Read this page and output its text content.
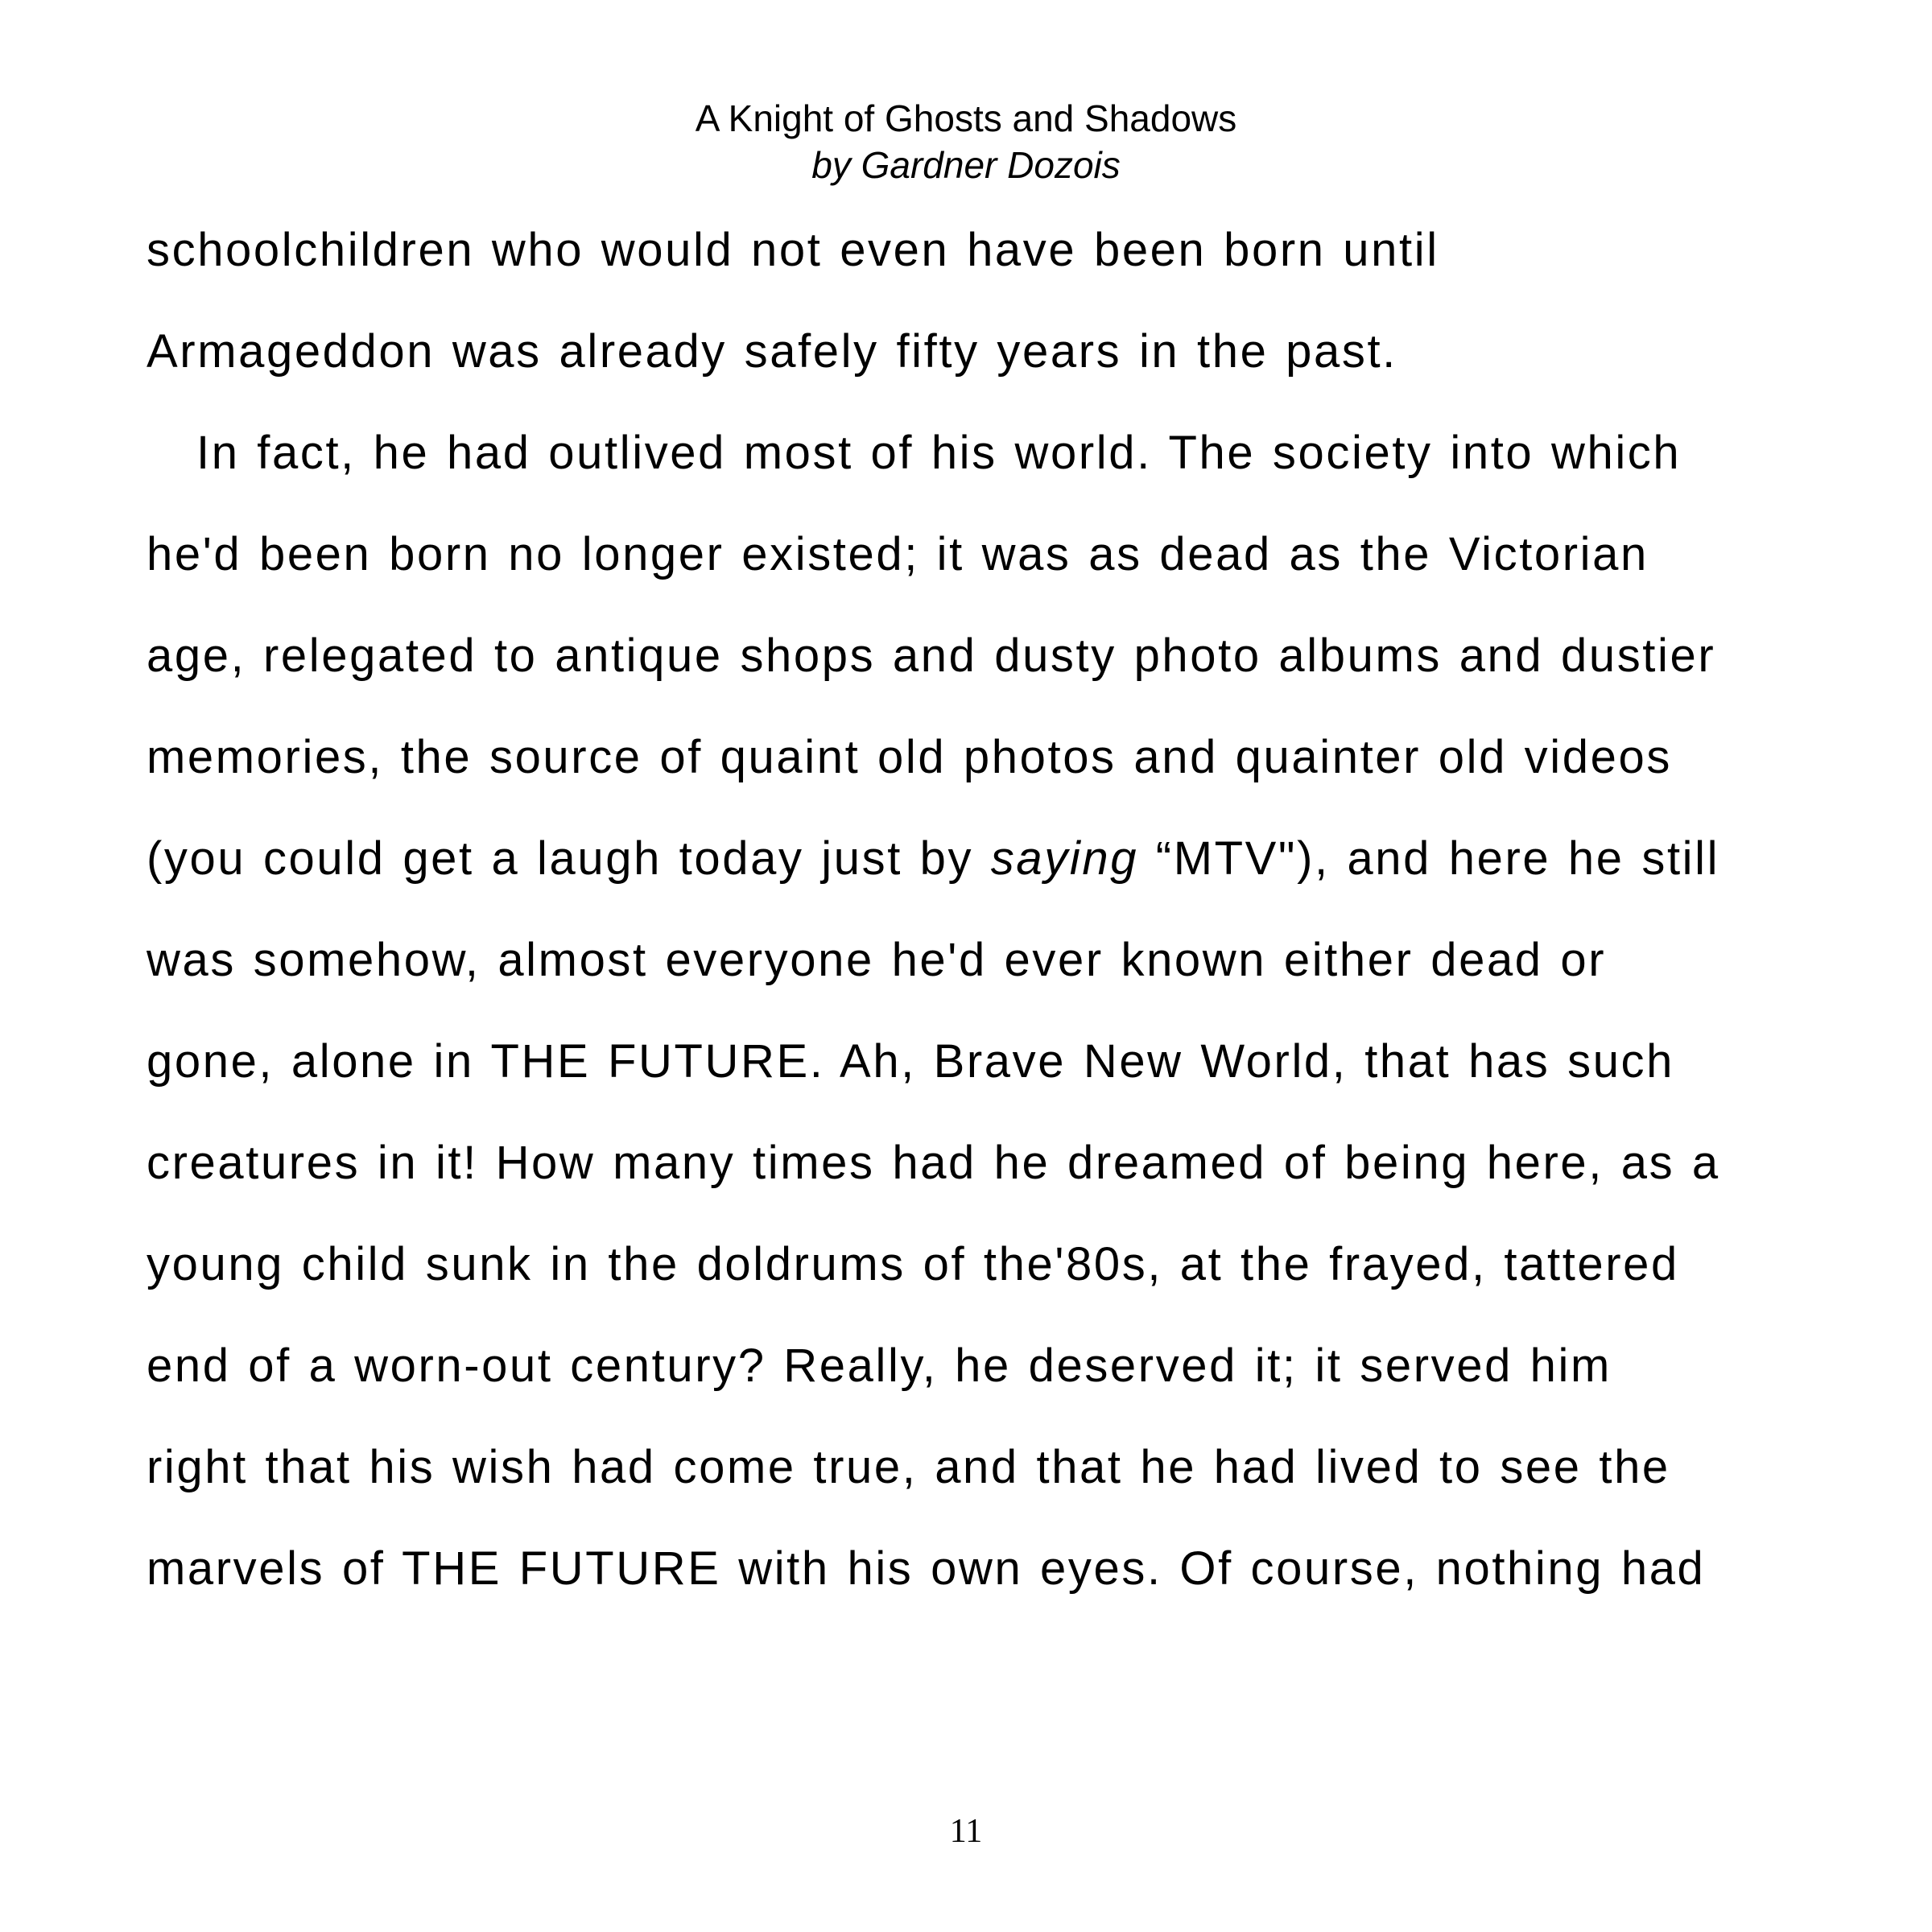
A Knight of Ghosts and Shadows
by Gardner Dozois
schoolchildren who would not even have been born until
Armageddon was already safely fifty years in the past.
In fact, he had outlived most of his world. The society into which
he'd been born no longer existed; it was as dead as the Victorian
age, relegated to antique shops and dusty photo albums and dustier
memories, the source of quaint old photos and quainter old videos
(you could get a laugh today just by saying “MTV"), and here he still
was somehow, almost everyone he'd ever known either dead or
gone, alone in THE FUTURE. Ah, Brave New World, that has such
creatures in it! How many times had he dreamed of being here, as a
young child sunk in the doldrums of the'80s, at the frayed, tattered
end of a worn-out century? Really, he deserved it; it served him
right that his wish had come true, and that he had lived to see the
marvels of THE FUTURE with his own eyes. Of course, nothing had
11
